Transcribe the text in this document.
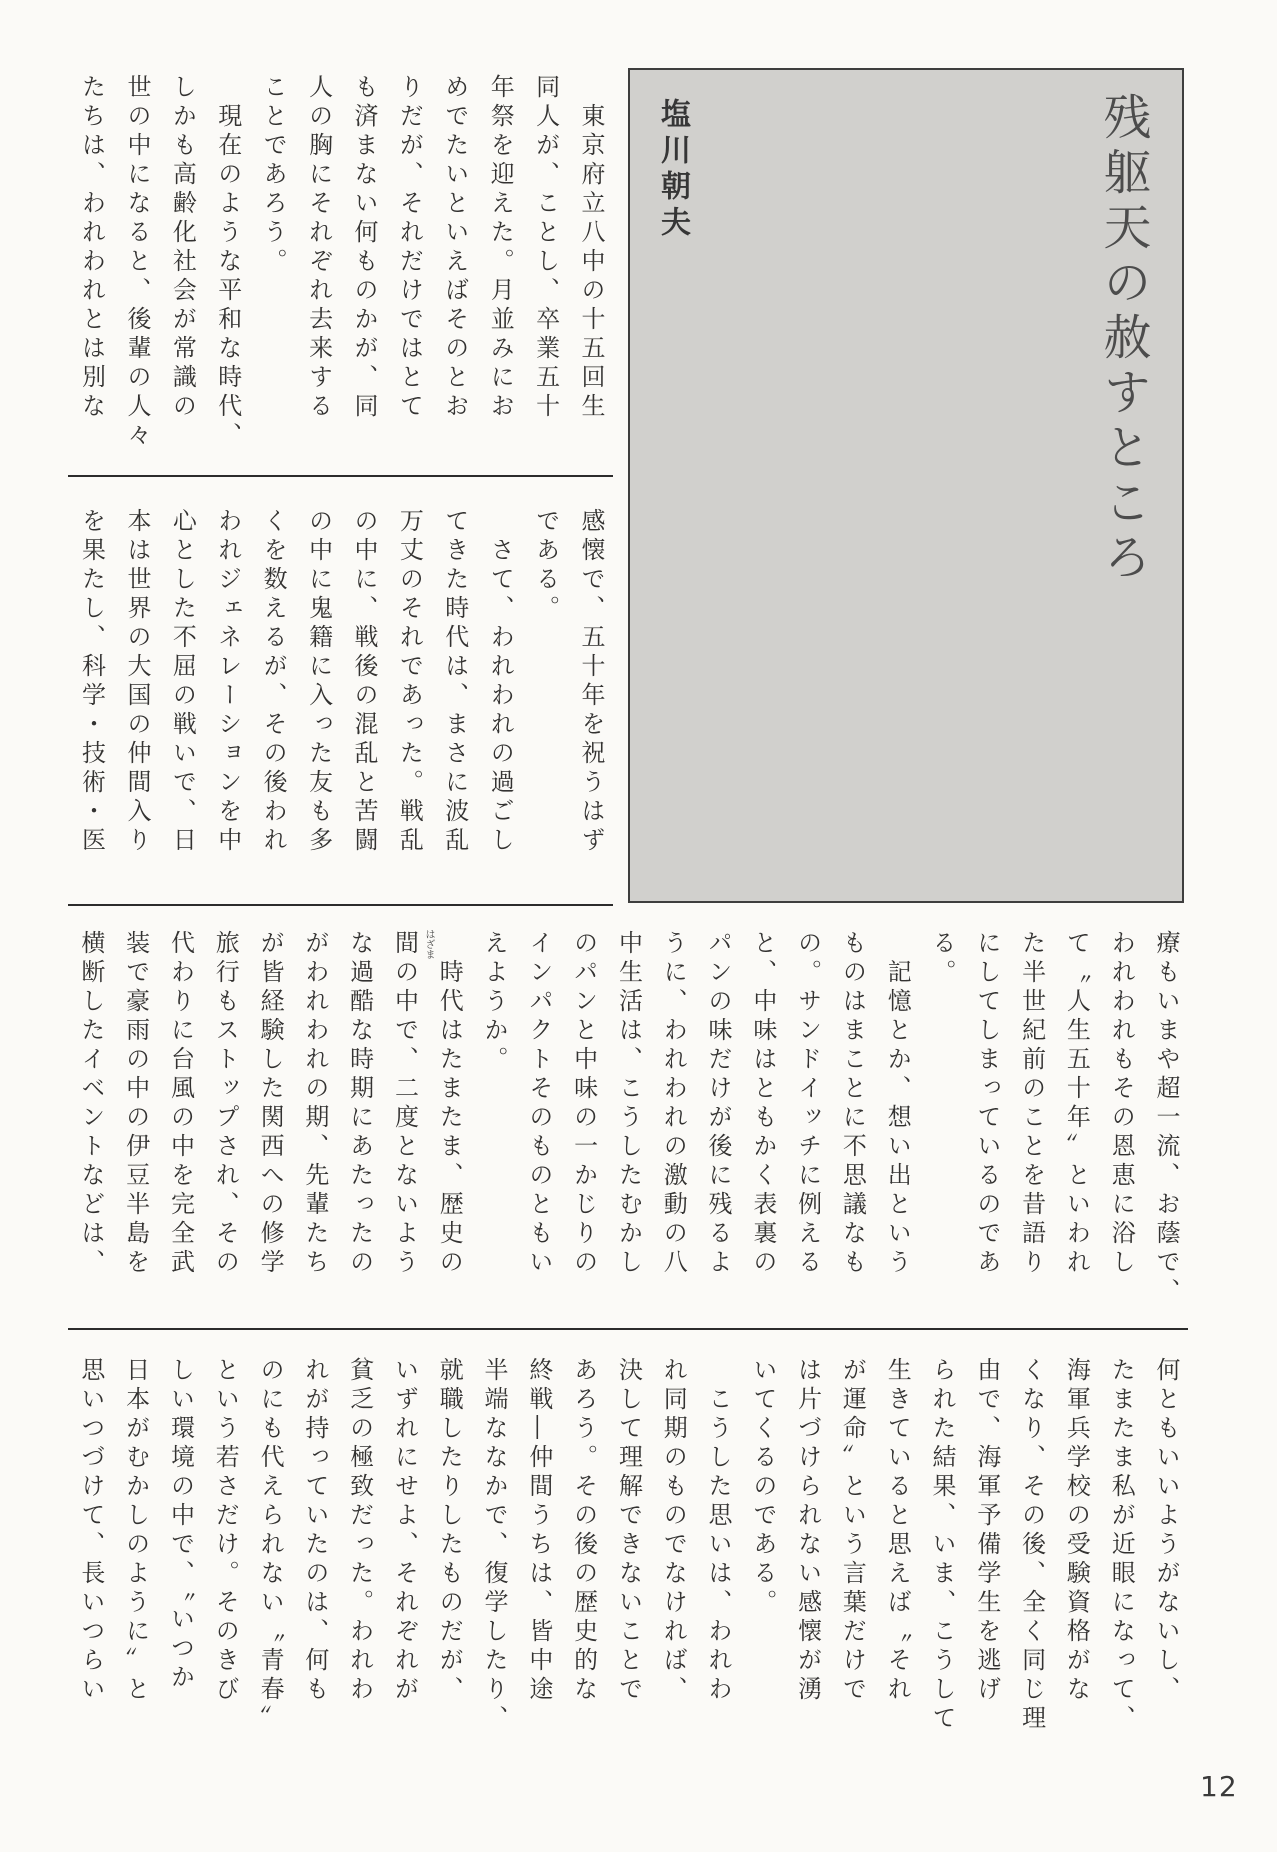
残躯天の赦すところ
塩川朝夫
　東京府立八中の十五回生
同人が、ことし、卒業五十
年祭を迎えた。月並みにお
めでたいといえばそのとお
りだが、それだけではとて
も済まない何ものかが、同
人の胸にそれぞれ去来する
ことであろう。
　現在のような平和な時代、
しかも高齢化社会が常識の
世の中になると、後輩の人々
たちは、われわれとは別な
感懐で、五十年を祝うはず
である。
　さて、われわれの過ごし
てきた時代は、まさに波乱
万丈のそれであった。戦乱
の中に、戦後の混乱と苦闘
の中に鬼籍に入った友も多
くを数えるが、その後われ
われジェネレーションを中
心とした不屈の戦いで、日
本は世界の大国の仲間入り
を果たし、科学・技術・医
療もいまや超一流、お蔭で、
われわれもその恩恵に浴し
て〝人生五十年〟といわれ
た半世紀前のことを昔語り
にしてしまっているのであ
る。
　記憶とか、想い出という
ものはまことに不思議なも
の。サンドイッチに例える
と、中味はともかく表裏の
パンの味だけが後に残るよ
うに、われわれの激動の八
中生活は、こうしたむかし
のパンと中味の一かじりの
インパクトそのものともい
えようか。
　時代はたまたま、歴史の
間の中で、二度とないよう
な過酷な時期にあたったの
がわれわれの期、先輩たち
が皆経験した関西への修学
旅行もストップされ、その
代わりに台風の中を完全武
装で豪雨の中の伊豆半島を
横断したイベントなどは、	はざま
何ともいいようがないし、
たまたま私が近眼になって、
海軍兵学校の受験資格がな
くなり、その後、全く同じ理
由で、海軍予備学生を逃げ
られた結果、いま、こうして
生きていると思えば〝それ
が運命〟という言葉だけで
は片づけられない感懐が湧
いてくるのである。
　こうした思いは、われわ
れ同期のものでなければ、
決して理解できないことで
あろう。その後の歴史的な
終戦―仲間うちは、皆中途
半端ななかで、復学したり、
就職したりしたものだが、
いずれにせよ、それぞれが
貧乏の極致だった。われわ
れが持っていたのは、何も
のにも代えられない〝青春〟
という若さだけ。そのきび
しい環境の中で、〝いつか
日本がむかしのように〟と
思いつづけて、長いつらい
12
